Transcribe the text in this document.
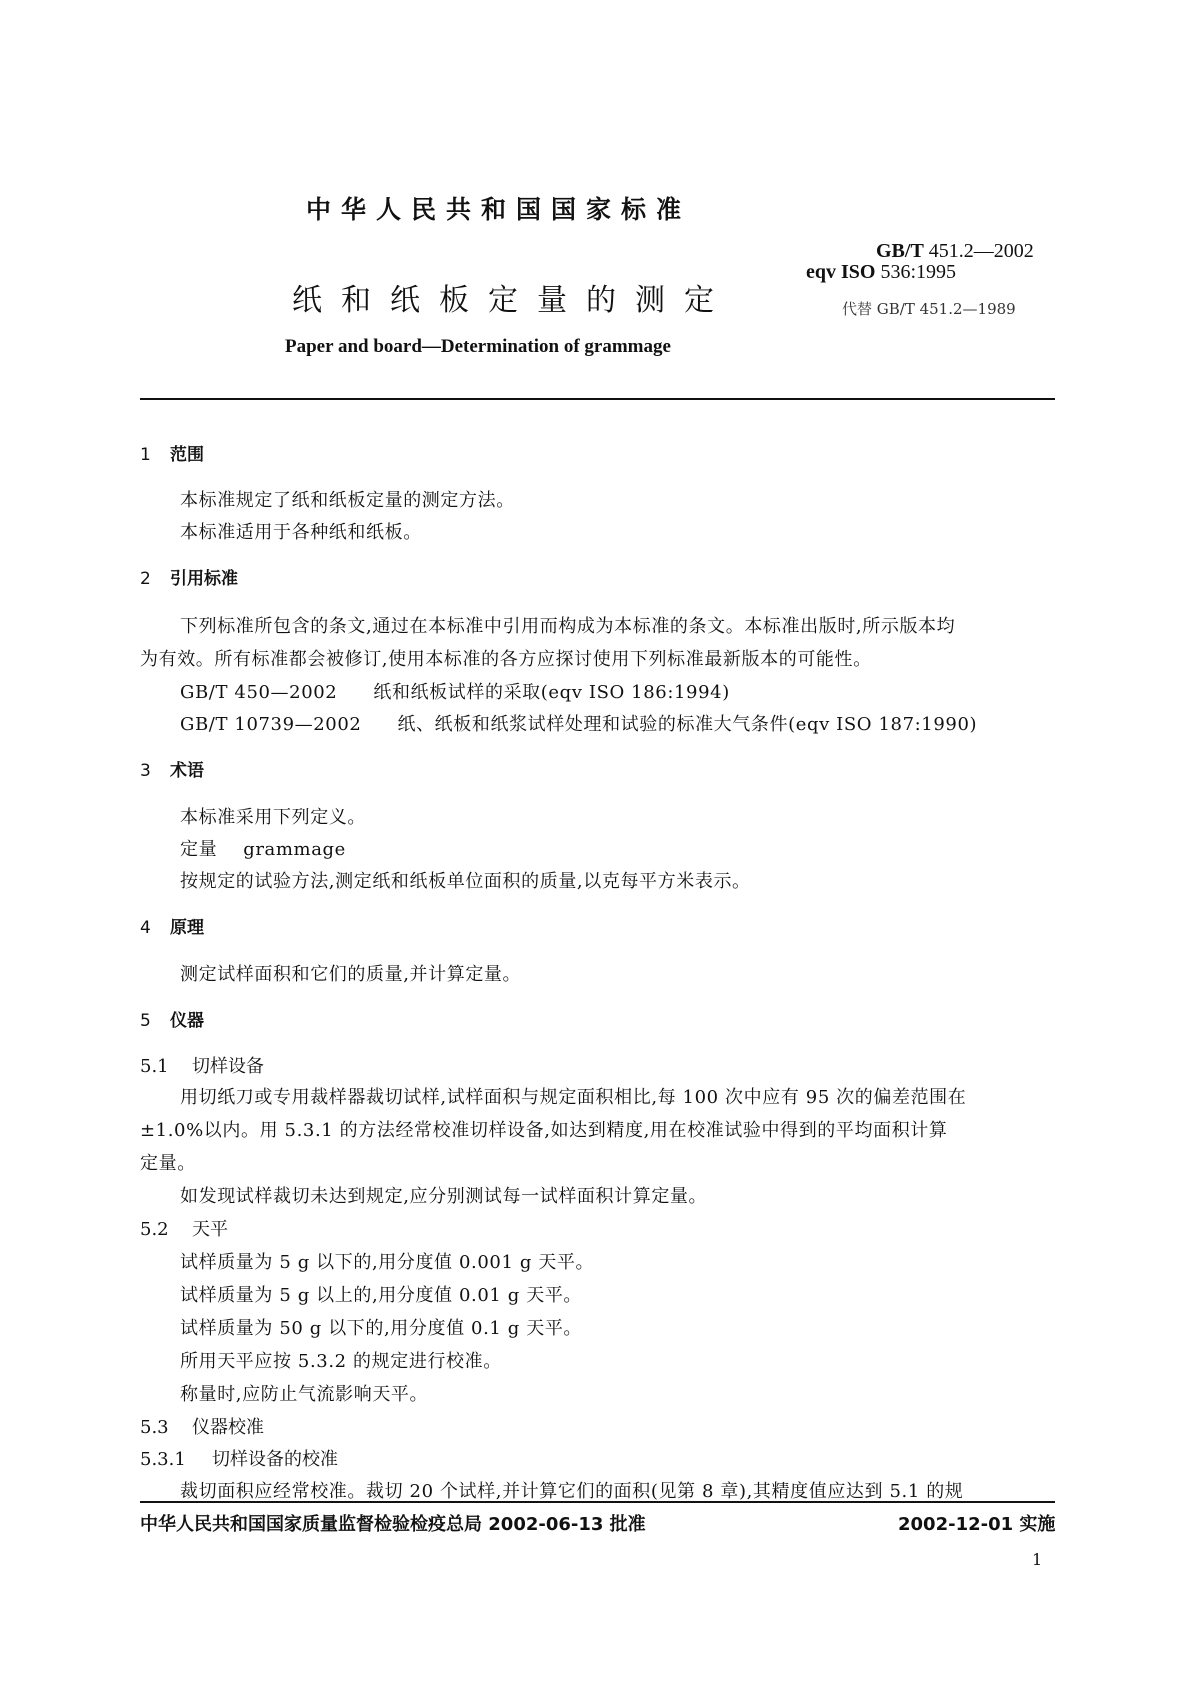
中华人民共和国国家标准
GB/T 451.2—2002
eqv ISO 536:1995
纸和纸板定量的测定	代替 GB/T 451.2—1989
Paper and board—Determination of grammage
1 范围
本标准规定了纸和纸板定量的测定方法。
本标准适用于各种纸和纸板。
2 引用标准
下列标准所包含的条文,通过在本标准中引用而构成为本标准的条文。本标准出版时,所示版本均
为有效。所有标准都会被修订,使用本标准的各方应探讨使用下列标准最新版本的可能性。
GB/T 450—2002 纸和纸板试样的采取(eqv ISO 186:1994)
GB/T 10739—2002 纸、纸板和纸浆试样处理和试验的标准大气条件(eqv ISO 187:1990)
3 术语
本标准采用下列定义。
定量 grammage
按规定的试验方法,测定纸和纸板单位面积的质量,以克每平方米表示。
4 原理
测定试样面积和它们的质量,并计算定量。
5 仪器
5.1 切样设备
用切纸刀或专用裁样器裁切试样,试样面积与规定面积相比,每 100 次中应有 95 次的偏差范围在
±1.0%以内。用 5.3.1 的方法经常校准切样设备,如达到精度,用在校准试验中得到的平均面积计算
定量。
如发现试样裁切未达到规定,应分别测试每一试样面积计算定量。
5.2 天平
试样质量为 5 g 以下的,用分度值 0.001 g 天平。
试样质量为 5 g 以上的,用分度值 0.01 g 天平。
试样质量为 50 g 以下的,用分度值 0.1 g 天平。
所用天平应按 5.3.2 的规定进行校准。
称量时,应防止气流影响天平。
5.3 仪器校准
5.3.1 切样设备的校准
裁切面积应经常校准。裁切 20 个试样,并计算它们的面积(见第 8 章),其精度值应达到 5.1 的规
中华人民共和国国家质量监督检验检疫总局 2002-06-13 批准	2002-12-01 实施
1
